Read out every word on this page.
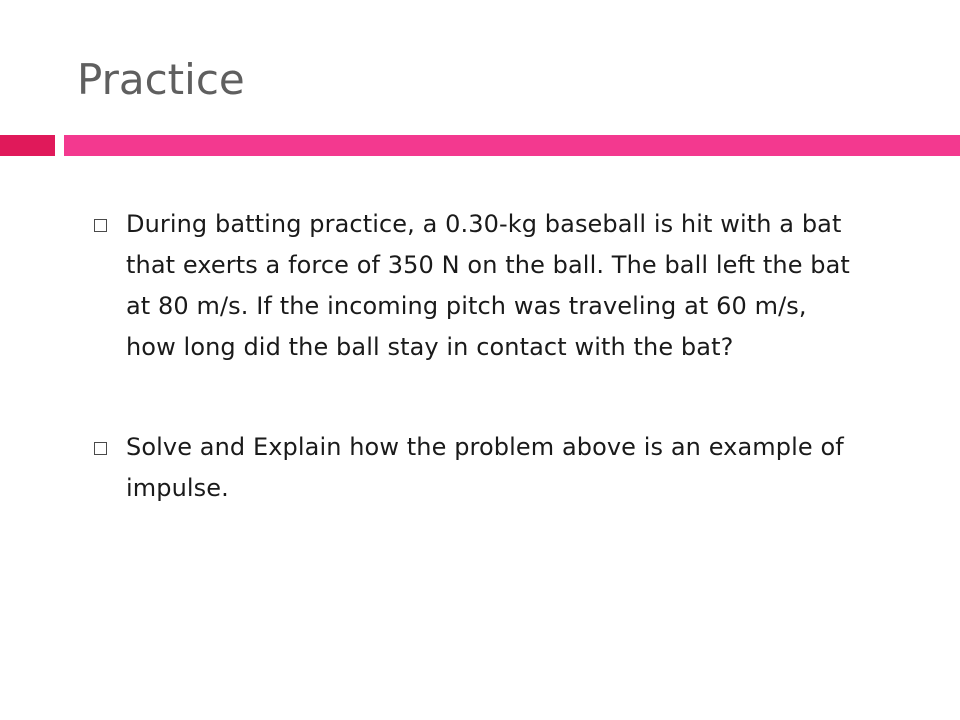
Practice
During batting practice, a 0.30-kg baseball is hit with a bat that exerts a force of 350 N on the ball. The ball left the bat at 80 m/s. If the incoming pitch was traveling at 60 m/s, how long did the ball stay in contact with the bat?
Solve and Explain how the problem above is an example of impulse.
